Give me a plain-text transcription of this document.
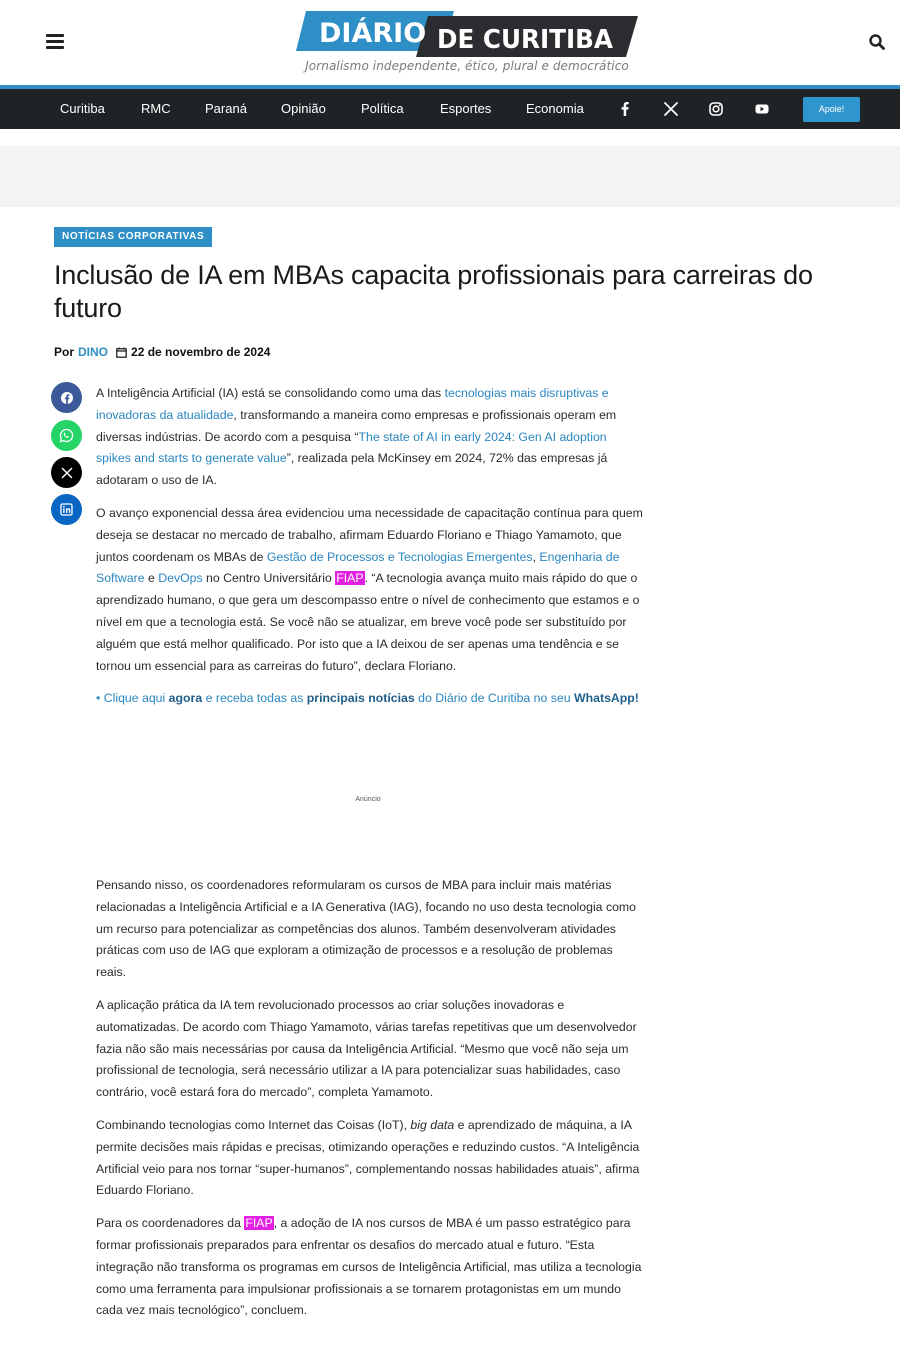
DIÁRIO DE CURITIBA
Jornalismo independente, ético, plural e democrático
Curitiba	RMC	Paraná	Opinião	Política	Esportes	Economia	Apoie!
NOTÍCIAS CORPORATIVAS
Inclusão de IA em MBAs capacita profissionais para carreiras do futuro
Por DINO 22 de novembro de 2024

A Inteligência Artificial (IA) está se consolidando como uma das tecnologias mais disruptivas e inovadoras da atualidade, transformando a maneira como empresas e profissionais operam em diversas indústrias. De acordo com a pesquisa “The state of AI in early 2024: Gen AI adoption spikes and starts to generate value”, realizada pela McKinsey em 2024, 72% das empresas já adotaram o uso de IA.

O avanço exponencial dessa área evidenciou uma necessidade de capacitação contínua para quem deseja se destacar no mercado de trabalho, afirmam Eduardo Floriano e Thiago Yamamoto, que juntos coordenam os MBAs de Gestão de Processos e Tecnologias Emergentes, Engenharia de Software e DevOps no Centro Universitário FIAP. “A tecnologia avança muito mais rápido do que o aprendizado humano, o que gera um descompasso entre o nível de conhecimento que estamos e o nível em que a tecnologia está. Se você não se atualizar, em breve você pode ser substituído por alguém que está melhor qualificado. Por isto que a IA deixou de ser apenas uma tendência e se tornou um essencial para as carreiras do futuro”, declara Floriano.

• Clique aqui agora e receba todas as principais notícias do Diário de Curitiba no seu WhatsApp!

Anúncio

Pensando nisso, os coordenadores reformularam os cursos de MBA para incluir mais matérias relacionadas a Inteligência Artificial e a IA Generativa (IAG), focando no uso desta tecnologia como um recurso para potencializar as competências dos alunos. Também desenvolveram atividades práticas com uso de IAG que exploram a otimização de processos e a resolução de problemas reais.

A aplicação prática da IA tem revolucionado processos ao criar soluções inovadoras e automatizadas. De acordo com Thiago Yamamoto, várias tarefas repetitivas que um desenvolvedor fazia não são mais necessárias por causa da Inteligência Artificial. “Mesmo que você não seja um profissional de tecnologia, será necessário utilizar a IA para potencializar suas habilidades, caso contrário, você estará fora do mercado”, completa Yamamoto.

Combinando tecnologias como Internet das Coisas (IoT), big data e aprendizado de máquina, a IA permite decisões mais rápidas e precisas, otimizando operações e reduzindo custos. “A Inteligência Artificial veio para nos tornar “super-humanos”, complementando nossas habilidades atuais”, afirma Eduardo Floriano.

Para os coordenadores da FIAP, a adoção de IA nos cursos de MBA é um passo estratégico para formar profissionais preparados para enfrentar os desafios do mercado atual e futuro. “Esta integração não transforma os programas em cursos de Inteligência Artificial, mas utiliza a tecnologia como uma ferramenta para impulsionar profissionais a se tornarem protagonistas em um mundo cada vez mais tecnológico”, concluem.
